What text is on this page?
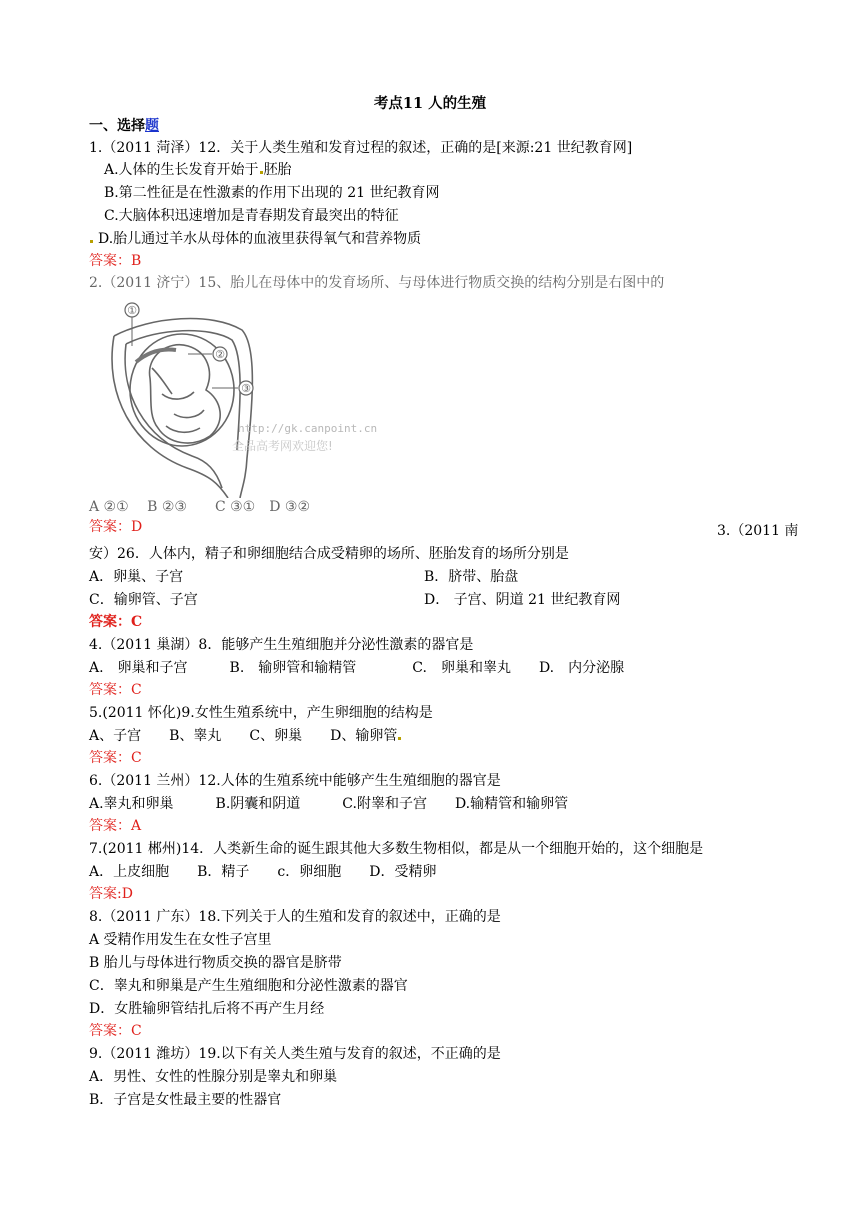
考点11 人的生殖
一、选择题
1.（2011 菏泽）12．关于人类生殖和发育过程的叙述，正确的是[来源:21 世纪教育网]
A.人体的生长发育开始于 胚胎
B.第二性征是在性激素的作用下出现的 21 世纪教育网
C.大脑体积迅速增加是青春期发育最突出的特征
D.胎儿通过羊水从母体的血液里获得氧气和营养物质
答案：B
2.（2011 济宁）15、胎儿在母体中的发育场所、与母体进行物质交换的结构分别是右图中的
①
②
③
http://gk.canpoint.cn
全品高考网欢迎您!
A ②①　 B ②③　　C ③①　D ③②
答案：D	3.（2011 南
安）26．人体内，精子和卵细胞结合成受精卵的场所、胚胎发育的场所分别是
A．卵巢、子宫	B．脐带、胎盘
C．输卵管、子宫	D． 子宫、阴道 21 世纪教育网
答案：C
4.（2011 巢湖）8．能够产生生殖细胞并分泌性激素的器官是
A.　卵巢和子宫　　　B.　输卵管和输精管　　　　C.　卵巢和睾丸　　D.　内分泌腺
答案：C
5.(2011 怀化)9.女性生殖系统中，产生卵细胞的结构是
A、子宫　　B、睾丸　　C、卵巢　　D、输卵管
答案：C
6.（2011 兰州）12.人体的生殖系统中能够产生生殖细胞的器官是
A.睾丸和卵巢　　　B.阴囊和阴道　　　C.附睾和子宫　　D.输精管和输卵管
答案：A
7.(2011 郴州)14．人类新生命的诞生跟其他大多数生物相似，都是从一个细胞开始的，这个细胞是
A．上皮细胞　　B．精子　　c．卵细胞　　D．受精卵
答案:D
8.（2011 广东）18.下列关于人的生殖和发育的叙述中，正确的是
A 受精作用发生在女性子宫里
B 胎儿与母体进行物质交换的器官是脐带
C．睾丸和卵巢是产生生殖细胞和分泌性激素的器官
D．女胜输卵管结扎后将不再产生月经
答案：C
9.（2011 潍坊）19.以下有关人类生殖与发育的叙述，不正确的是
A．男性、女性的性腺分别是睾丸和卵巢
B．子宫是女性最主要的性器官
